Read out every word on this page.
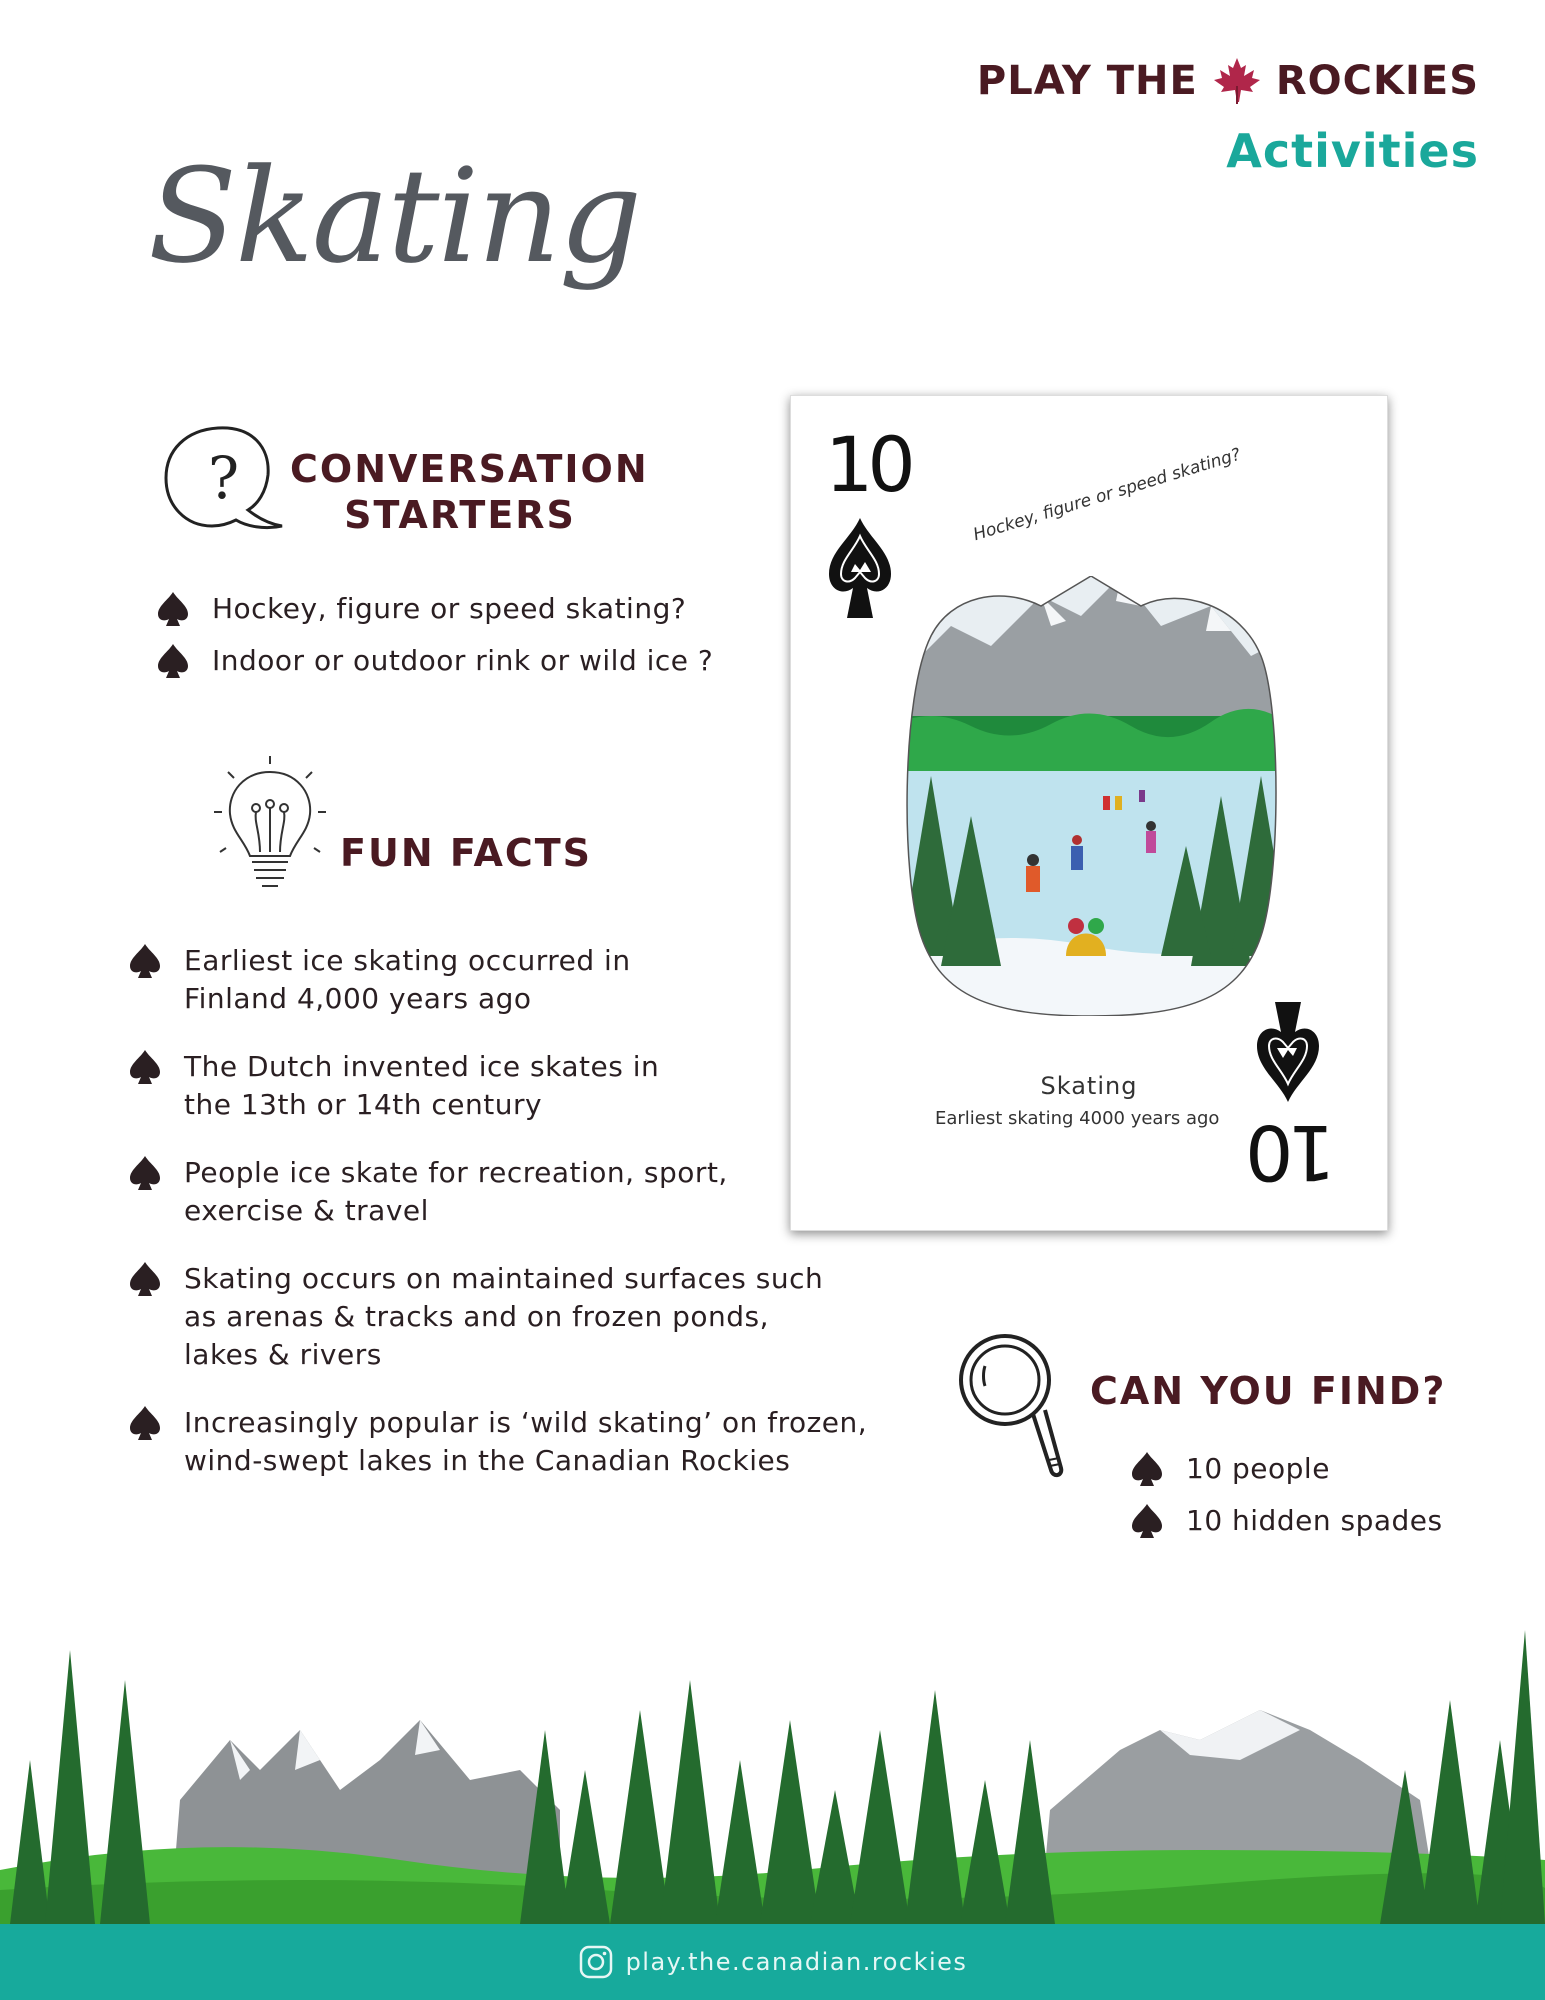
PLAY THE ROCKIES
Activities
Skating
? CONVERSATION
STARTERS
Hockey, figure or speed skating?
Indoor or outdoor rink or wild ice ?
FUN FACTS
Earliest ice skating occurred in
Finland 4,000 years ago
The Dutch invented ice skates in
the 13th or 14th century
People ice skate for recreation, sport,
exercise & travel
Skating occurs on maintained surfaces such
as arenas & tracks and on frozen ponds,
lakes & rivers
Increasingly popular is ‘wild skating’ on frozen,
wind-swept lakes in the Canadian Rockies
10	Hockey, figure or speed skating?
Skating
Earliest skating 4000 years ago 10
CAN YOU FIND?
10 people
10 hidden spades
play.the.canadian.rockies
